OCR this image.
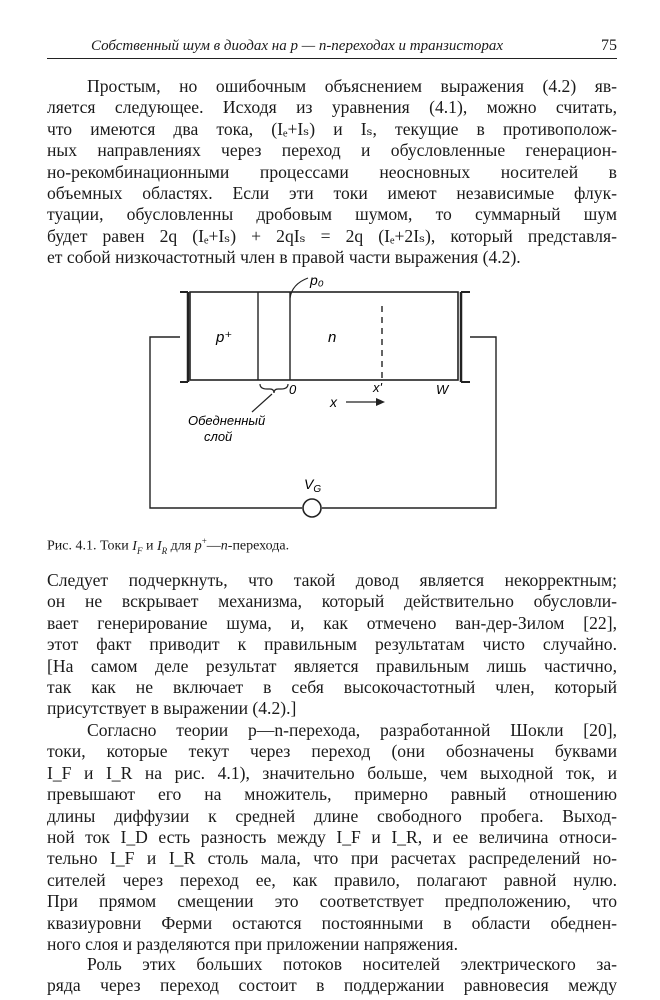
Собственный шум в диодах на p — n-переходах и транзисторах	75
Простым, но ошибочным объяснением выражения (4.2) яв-
ляется следующее. Исходя из уравнения (4.1), можно считать,
что имеются два тока, (Iₑ+Iₛ) и Iₛ, текущие в противополож-
ных направлениях через переход и обусловленные генерацион-
но-рекомбинационными процессами неосновных носителей в
объемных областях. Если эти токи имеют независимые флук-
туации, обусловленны дробовым шумом, то суммарный шум
будет равен 2q (Iₑ+Iₛ) + 2qIₛ = 2q (Iₑ+2Iₛ), который представля-
ет собой низкочастотный член в правой части выражения (4.2).
p⁺	n
p₀
0	x'	W
x
Обедненный
слой
$V_G$
Рис. 4.1. Токи $I_F$ и $I_R$ для p+—n-перехода.
Следует подчеркнуть, что такой довод является некорректным;
он не вскрывает механизма, который действительно обусловли-
вает генерирование шума, и, как отмечено ван-дер-Зилом [22],
этот факт приводит к правильным результатам чисто случайно.
[На самом деле результат является правильным лишь частично,
так как не включает в себя высокочастотный член, который
присутствует в выражении (4.2).]
Согласно теории p—n-перехода, разработанной Шокли [20],
токи, которые текут через переход (они обозначены буквами
I_F и I_R на рис. 4.1), значительно больше, чем выходной ток, и
превышают его на множитель, примерно равный отношению
длины диффузии к средней длине свободного пробега. Выход-
ной ток I_D есть разность между I_F и I_R, и ее величина относи-
тельно I_F и I_R столь мала, что при расчетах распределений но-
сителей через переход ее, как правило, полагают равной нулю.
При прямом смещении это соответствует предположению, что
квазиуровни Ферми остаются постоянными в области обеднен-
ного слоя и разделяются при приложении напряжения.
Роль этих больших потоков носителей электрического за-
ряда через переход состоит в поддержании равновесия между
